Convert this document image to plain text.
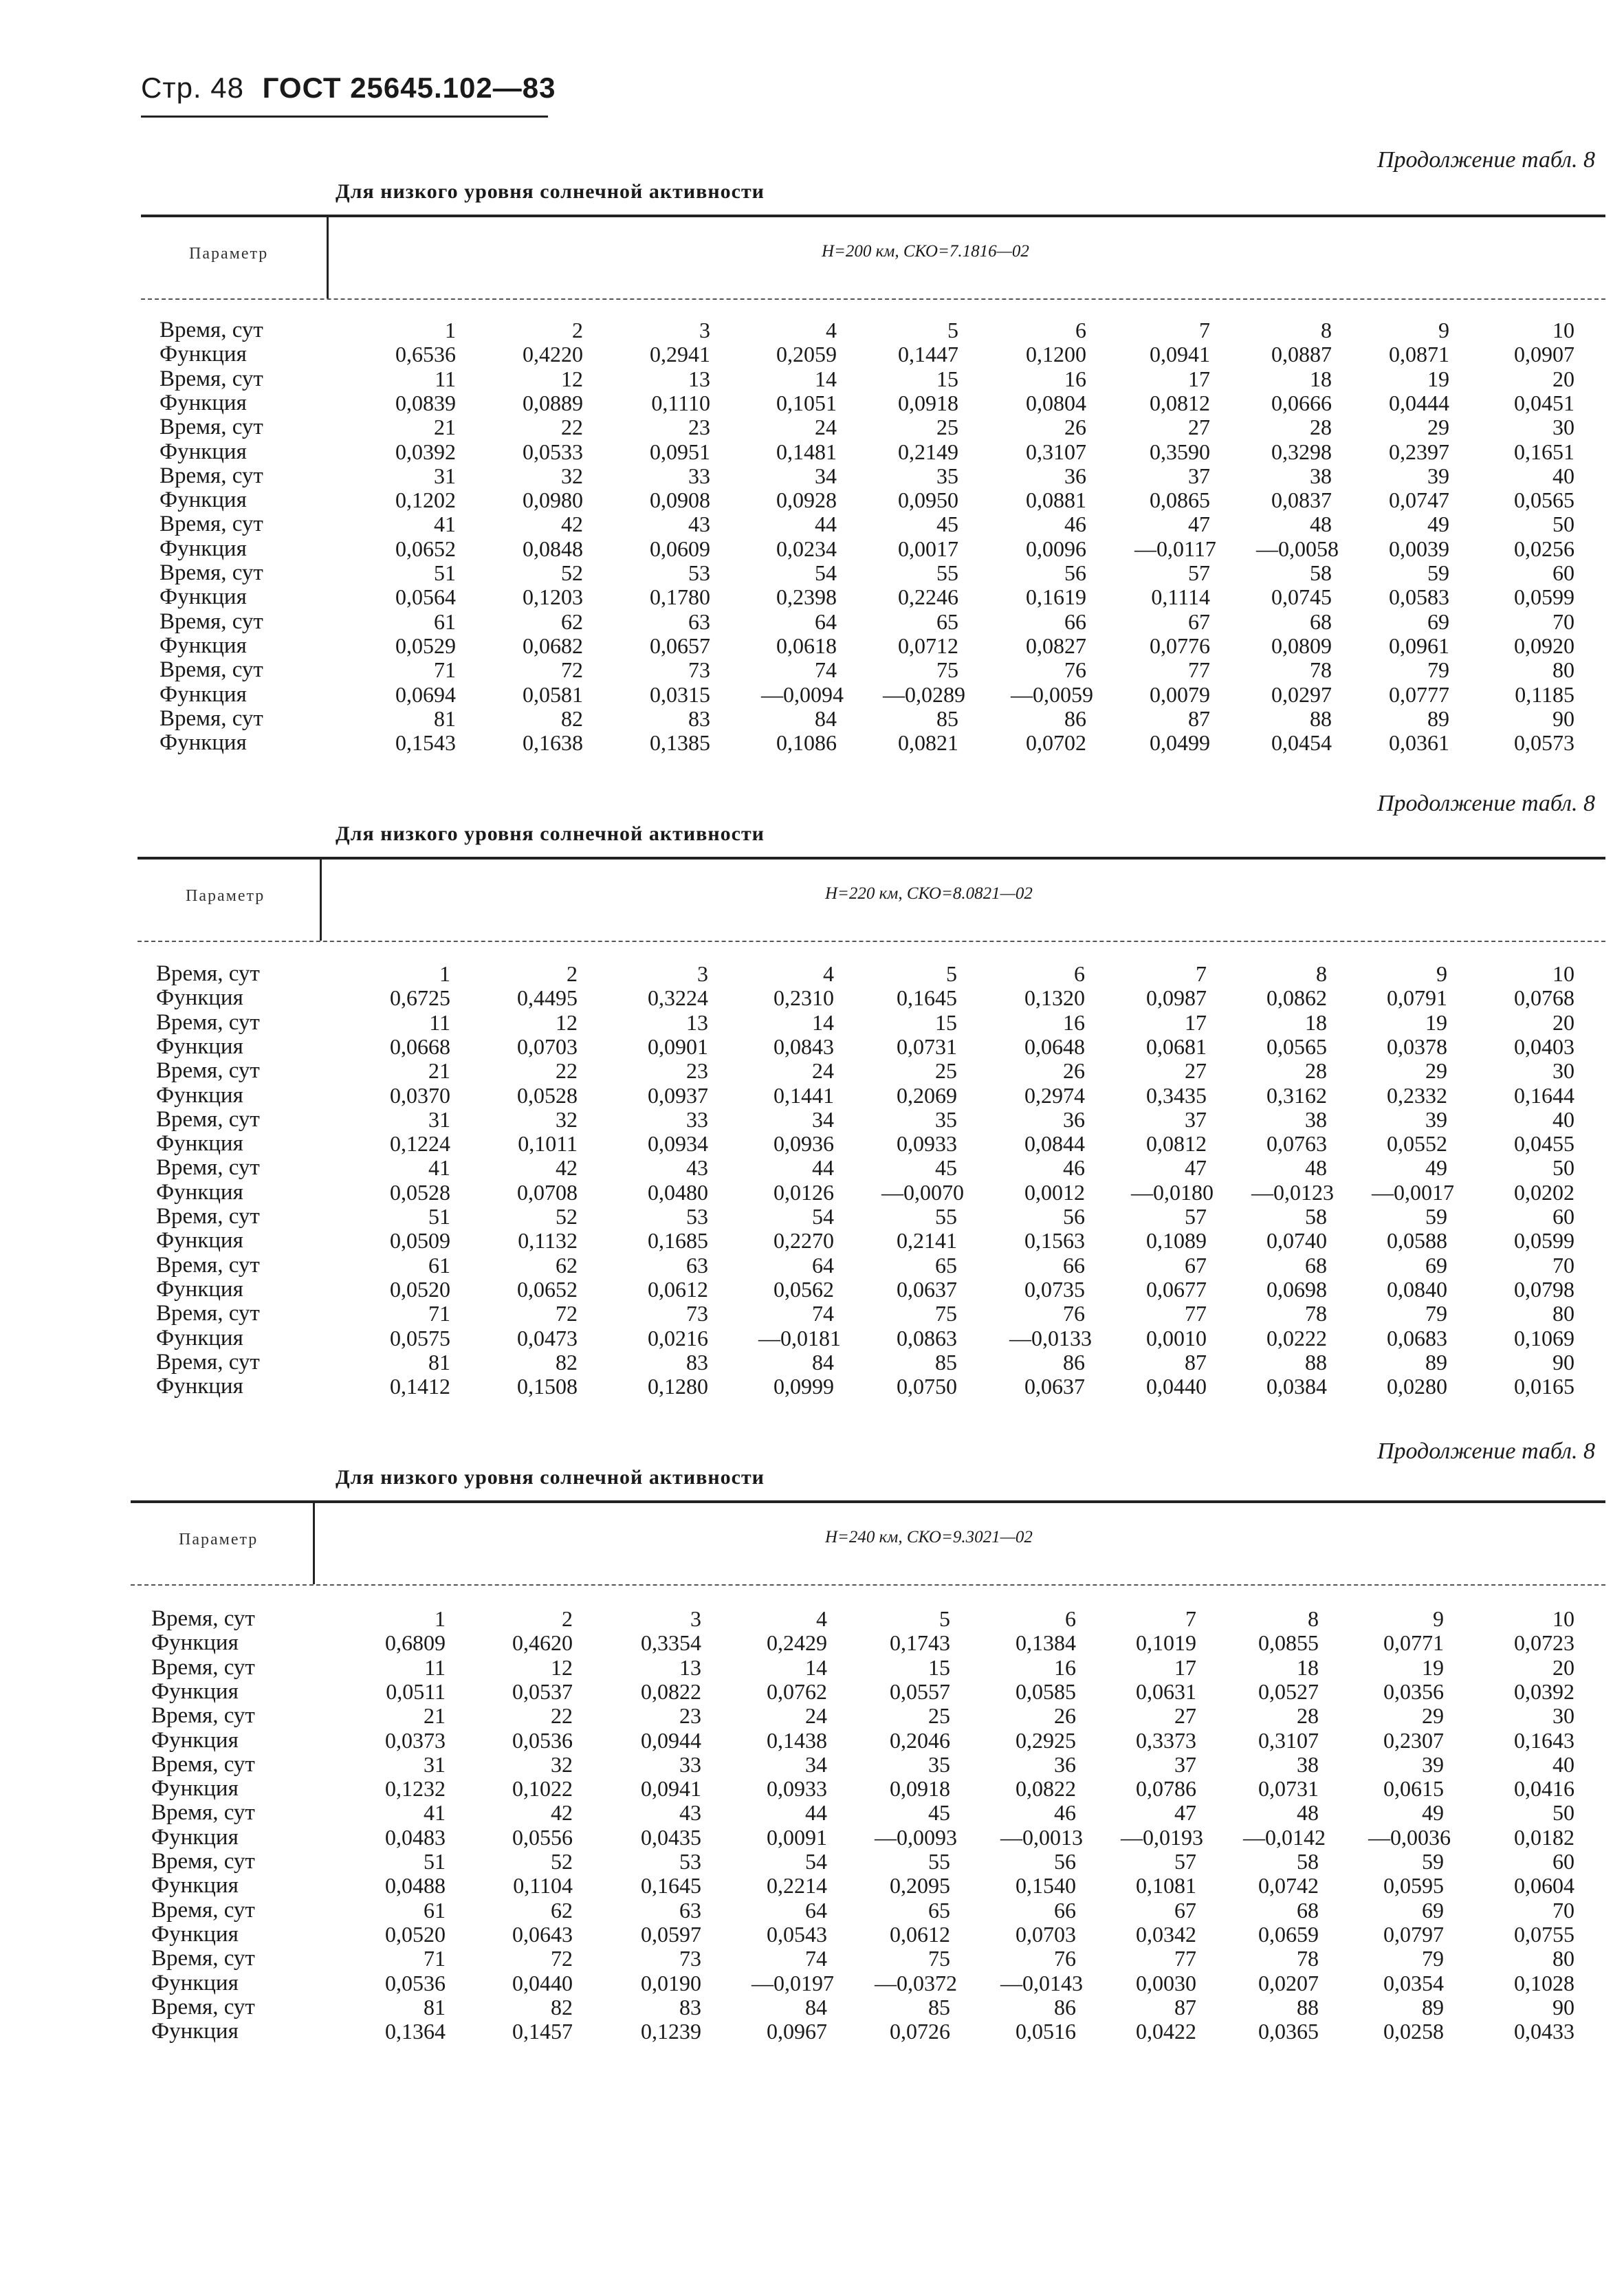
Стр. 48 ГОСТ 25645.102—83
Продолжение табл. 8
Для низкого уровня солнечной активности
Параметр	H=200 км, СКО=7.1816—02
Время, сут	1	2	3	4	5	6	7	8	9	10
Функция	0,6536	0,4220	0,2941	0,2059	0,1447	0,1200	0,0941	0,0887	0,0871	0,0907
Время, сут	11	12	13	14	15	16	17	18	19	20
Функция	0,0839	0,0889	0,1110	0,1051	0,0918	0,0804	0,0812	0,0666	0,0444	0,0451
Время, сут	21	22	23	24	25	26	27	28	29	30
Функция	0,0392	0,0533	0,0951	0,1481	0,2149	0,3107	0,3590	0,3298	0,2397	0,1651
Время, сут	31	32	33	34	35	36	37	38	39	40
Функция	0,1202	0,0980	0,0908	0,0928	0,0950	0,0881	0,0865	0,0837	0,0747	0,0565
Время, сут	41	42	43	44	45	46	47	48	49	50
Функция	0,0652	0,0848	0,0609	0,0234	0,0017	0,0096 —0,0117 —0,0058	0,0039	0,0256
Время, сут	51	52	53	54	55	56	57	58	59	60
Функция	0,0564	0,1203	0,1780	0,2398	0,2246	0,1619	0,1114	0,0745	0,0583	0,0599
Время, сут	61	62	63	64	65	66	67	68	69	70
Функция	0,0529	0,0682	0,0657	0,0618	0,0712	0,0827	0,0776	0,0809	0,0961	0,0920
Время, сут	71	72	73	74	75	76	77	78	79	80
Функция	0,0694	0,0581	0,0315 —0,0094 —0,0289 —0,0059	0,0079	0,0297	0,0777	0,1185
Время, сут	81	82	83	84	85	86	87	88	89	90
Функция	0,1543	0,1638	0,1385	0,1086	0,0821	0,0702	0,0499	0,0454	0,0361	0,0573
Продолжение табл. 8
Для низкого уровня солнечной активности
Параметр	H=220 км, СКО=8.0821—02
Время, сут	1	2	3	4	5	6	7	8	9	10
Функция	0,6725	0,4495	0,3224	0,2310	0,1645	0,1320	0,0987	0,0862	0,0791	0,0768
Время, сут	11	12	13	14	15	16	17	18	19	20
Функция	0,0668	0,0703	0,0901	0,0843	0,0731	0,0648	0,0681	0,0565	0,0378	0,0403
Время, сут	21	22	23	24	25	26	27	28	29	30
Функция	0,0370	0,0528	0,0937	0,1441	0,2069	0,2974	0,3435	0,3162	0,2332	0,1644
Время, сут	31	32	33	34	35	36	37	38	39	40
Функция	0,1224	0,1011	0,0934	0,0936	0,0933	0,0844	0,0812	0,0763	0,0552	0,0455
Время, сут	41	42	43	44	45	46	47	48	49	50
Функция	0,0528	0,0708	0,0480	0,0126 —0,0070	0,0012 —0,0180 —0,0123 —0,0017	0,0202
Время, сут	51	52	53	54	55	56	57	58	59	60
Функция	0,0509	0,1132	0,1685	0,2270	0,2141	0,1563	0,1089	0,0740	0,0588	0,0599
Время, сут	61	62	63	64	65	66	67	68	69	70
Функция	0,0520	0,0652	0,0612	0,0562	0,0637	0,0735	0,0677	0,0698	0,0840	0,0798
Время, сут	71	72	73	74	75	76	77	78	79	80
Функция	0,0575	0,0473	0,0216 —0,0181	0,0863 —0,0133	0,0010	0,0222	0,0683	0,1069
Время, сут	81	82	83	84	85	86	87	88	89	90
Функция	0,1412	0,1508	0,1280	0,0999	0,0750	0,0637	0,0440	0,0384	0,0280	0,0165
Продолжение табл. 8
Для низкого уровня солнечной активности
Параметр	H=240 км, СКО=9.3021—02
Время, сут	1	2	3	4	5	6	7	8	9	10
Функция	0,6809	0,4620	0,3354	0,2429	0,1743	0,1384	0,1019	0,0855	0,0771	0,0723
Время, сут	11	12	13	14	15	16	17	18	19	20
Функция	0,0511	0,0537	0,0822	0,0762	0,0557	0,0585	0,0631	0,0527	0,0356	0,0392
Время, сут	21	22	23	24	25	26	27	28	29	30
Функция	0,0373	0,0536	0,0944	0,1438	0,2046	0,2925	0,3373	0,3107	0,2307	0,1643
Время, сут	31	32	33	34	35	36	37	38	39	40
Функция	0,1232	0,1022	0,0941	0,0933	0,0918	0,0822	0,0786	0,0731	0,0615	0,0416
Время, сут	41	42	43	44	45	46	47	48	49	50
Функция	0,0483	0,0556	0,0435	0,0091 —0,0093 —0,0013 —0,0193 —0,0142 —0,0036	0,0182
Время, сут	51	52	53	54	55	56	57	58	59	60
Функция	0,0488	0,1104	0,1645	0,2214	0,2095	0,1540	0,1081	0,0742	0,0595	0,0604
Время, сут	61	62	63	64	65	66	67	68	69	70
Функция	0,0520	0,0643	0,0597	0,0543	0,0612	0,0703	0,0342	0,0659	0,0797	0,0755
Время, сут	71	72	73	74	75	76	77	78	79	80
Функция	0,0536	0,0440	0,0190 —0,0197 —0,0372 —0,0143	0,0030	0,0207	0,0354	0,1028
Время, сут	81	82	83	84	85	86	87	88	89	90
Функция	0,1364	0,1457	0,1239	0,0967	0,0726	0,0516	0,0422	0,0365	0,0258	0,0433
